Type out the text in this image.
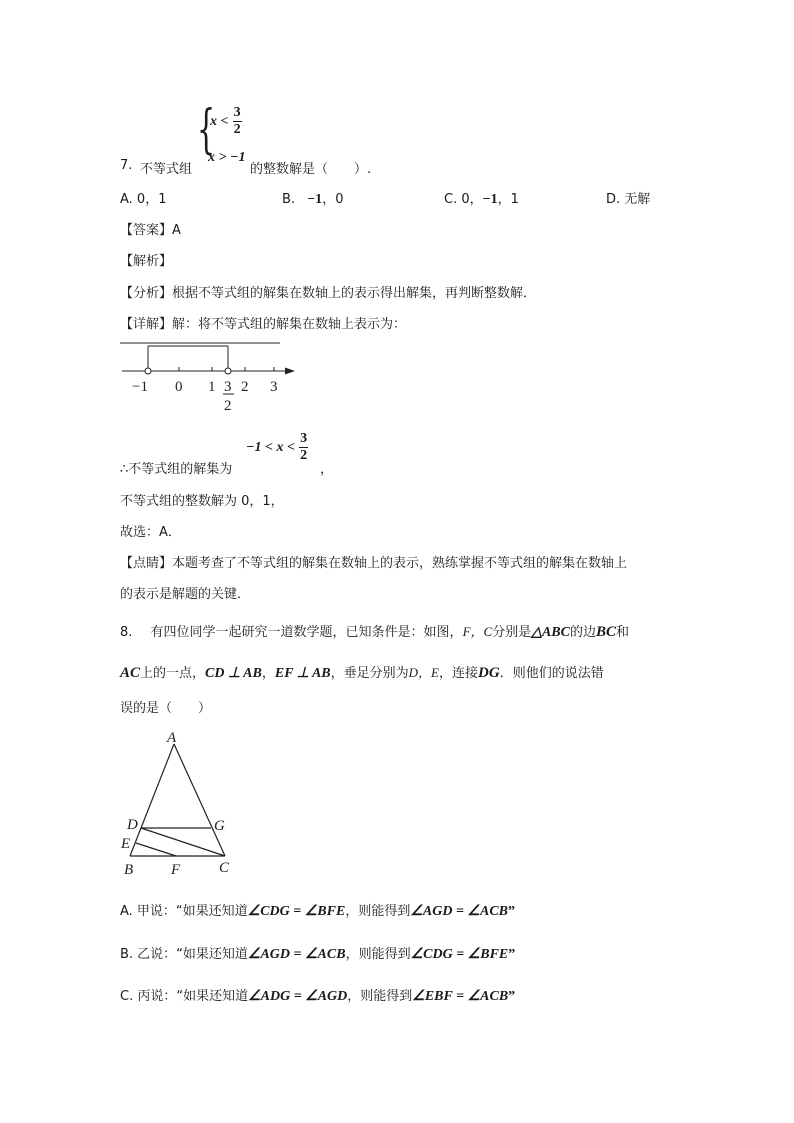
7. 不等式组
{
$x < \frac{3}{2}$
x > −1
的整数解是（　　）.
A. 0，1	B. −1，0	C. 0，−1，1	D. 无解
【答案】A
【解析】
【分析】根据不等式组的解集在数轴上的表示得出解集，再判断整数解．
【详解】解：将不等式组的解集在数轴上表示为：
−1 0 1 3
2
2 3
∴不等式组的解集为
$-1 < x < \frac{3}{2}$
，
不等式组的整数解为 0，1，
故选：A．
【点睛】本题考查了不等式组的解集在数轴上的表示，熟练掌握不等式组的解集在数轴上
的表示是解题的关键．
8. 有四位同学一起研究一道数学题，已知条件是：如图，F，C分别是△ABC的边BC和
AC上的一点，CD ⊥ AB，EF ⊥ AB，垂足分别为D，E，连接DG．则他们的说法错
误的是（　　）
A
D	G
E
B	F	C
A. 甲说：“如果还知道∠CDG = ∠BFE，则能得到∠AGD = ∠ACB”
B. 乙说：“如果还知道∠AGD = ∠ACB，则能得到∠CDG = ∠BFE”
C. 丙说：“如果还知道∠ADG = ∠AGD，则能得到∠EBF = ∠ACB”
